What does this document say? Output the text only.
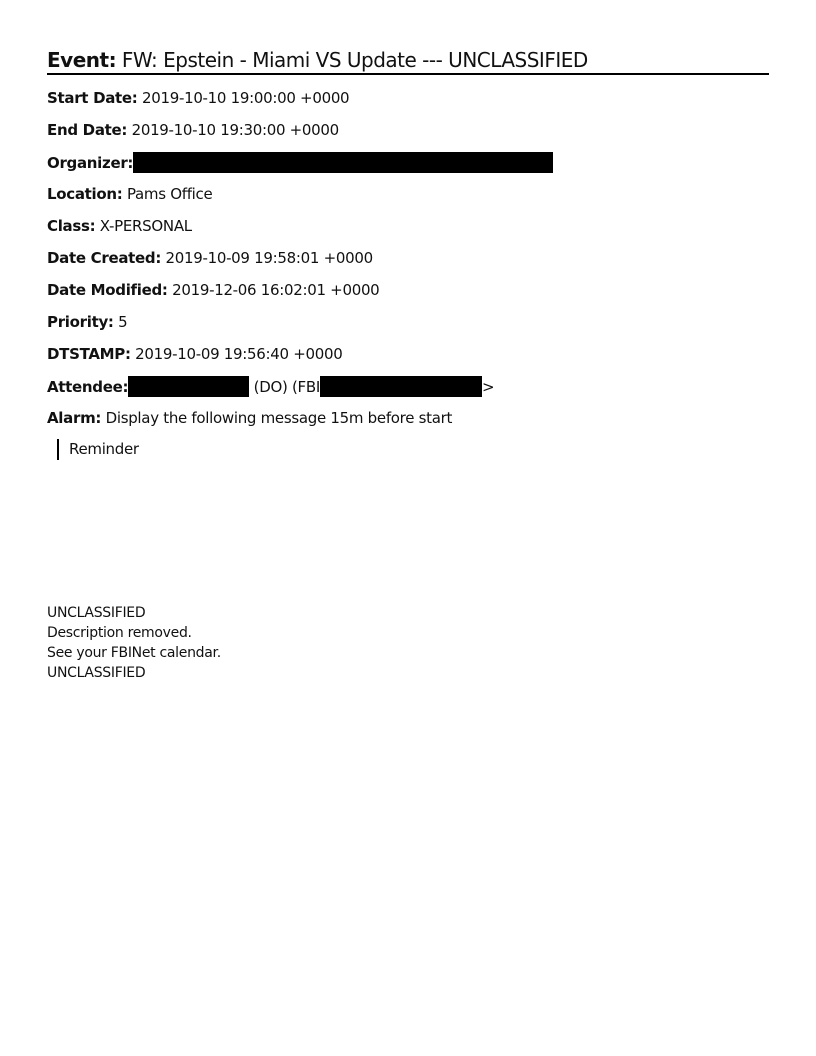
Event: FW: Epstein - Miami VS Update --- UNCLASSIFIED
Start Date: 2019-10-10 19:00:00 +0000
End Date: 2019-10-10 19:30:00 +0000
Organizer:
Location: Pams Office
Class: X-PERSONAL
Date Created: 2019-10-09 19:58:01 +0000
Date Modified: 2019-12-06 16:02:01 +0000
Priority: 5
DTSTAMP: 2019-10-09 19:56:40 +0000
Attendee:	(DO) (FBI	>
Alarm: Display the following message 15m before start
Reminder
UNCLASSIFIED
Description removed.
See your FBINet calendar.
UNCLASSIFIED
